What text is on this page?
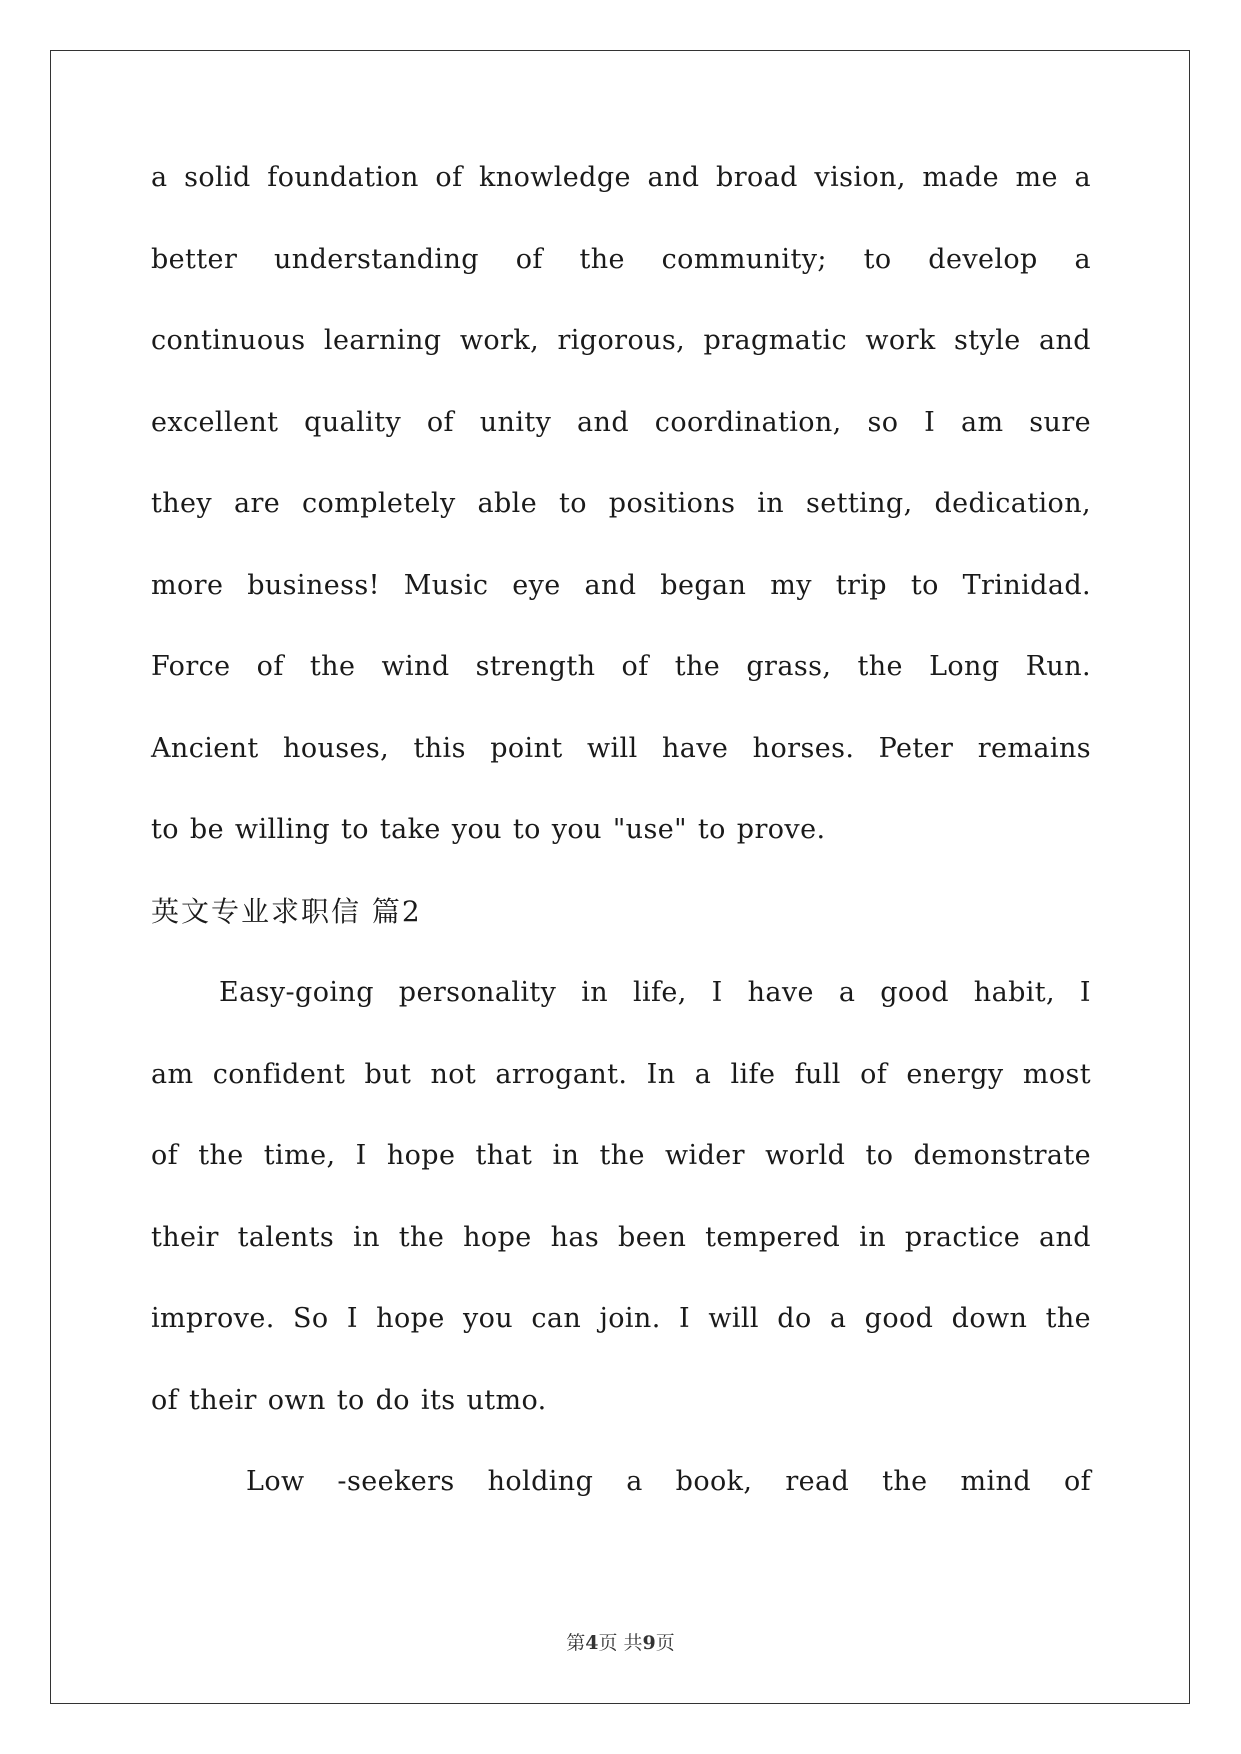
a solid foundation of knowledge and broad vision, made me a
better understanding of the community; to develop a
continuous learning work, rigorous, pragmatic work style and
excellent quality of unity and coordination, so I am sure
they are completely able to positions in setting, dedication,
more business! Music eye and began my trip to Trinidad.
Force of the wind strength of the grass, the Long Run.
Ancient houses, this point will have horses. Peter remains
to be willing to take you to you "use" to prove.
英文专业求职信 篇2
Easy-going personality in life, I have a good habit, I
am confident but not arrogant. In a life full of energy most
of the time, I hope that in the wider world to demonstrate
their talents in the hope has been tempered in practice and
improve. So I hope you can join. I will do a good down the
of their own to do its utmo.
Low -seekers holding a book, read the mind of
第4页 共9页
